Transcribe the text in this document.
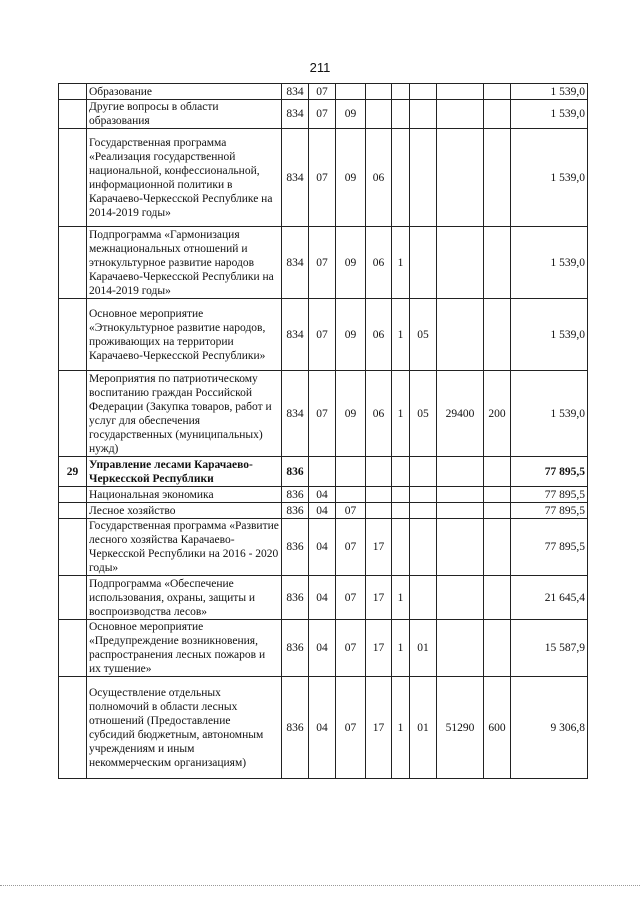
211
	Образование	834	07							1 539,0
	Другие вопросы в области образования	834	07	09						1 539,0
	Государственная программа «Реализация государственной национальной, конфессиональной, информационной политики в Карачаево-Черкесской Республике на 2014-2019 годы»	834	07	09	06					1 539,0
	Подпрограмма «Гармонизация межнациональных отношений и этнокультурное развитие народов Карачаево-Черкесской Республики на 2014-2019 годы»	834	07	09	06	1				1 539,0
	Основное мероприятие «Этнокультурное развитие народов, проживающих на территории Карачаево-Черкесской Республики»	834	07	09	06	1	05			1 539,0
	Мероприятия по патриотическому воспитанию граждан Российской Федерации (Закупка товаров, работ и услуг для обеспечения государственных (муниципальных) нужд)	834	07	09	06	1	05	29400	200	1 539,0
29	Управление лесами Карачаево-Черкесской Республики	836								77 895,5
	Национальная экономика	836	04							77 895,5
	Лесное хозяйство	836	04	07						77 895,5
	Государственная программа «Развитие лесного хозяйства Карачаево-Черкесской Республики на 2016 - 2020 годы»	836	04	07	17					77 895,5
	Подпрограмма «Обеспечение использования, охраны, защиты и воспроизводства лесов»	836	04	07	17	1				21 645,4
	Основное мероприятие «Предупреждение возникновения, распространения лесных пожаров и их тушение»	836	04	07	17	1	01			15 587,9
	Осуществление отдельных полномочий в области лесных отношений (Предоставление субсидий бюджетным, автономным учреждениям и иным некоммерческим организациям)	836	04	07	17	1	01	51290	600	9 306,8
